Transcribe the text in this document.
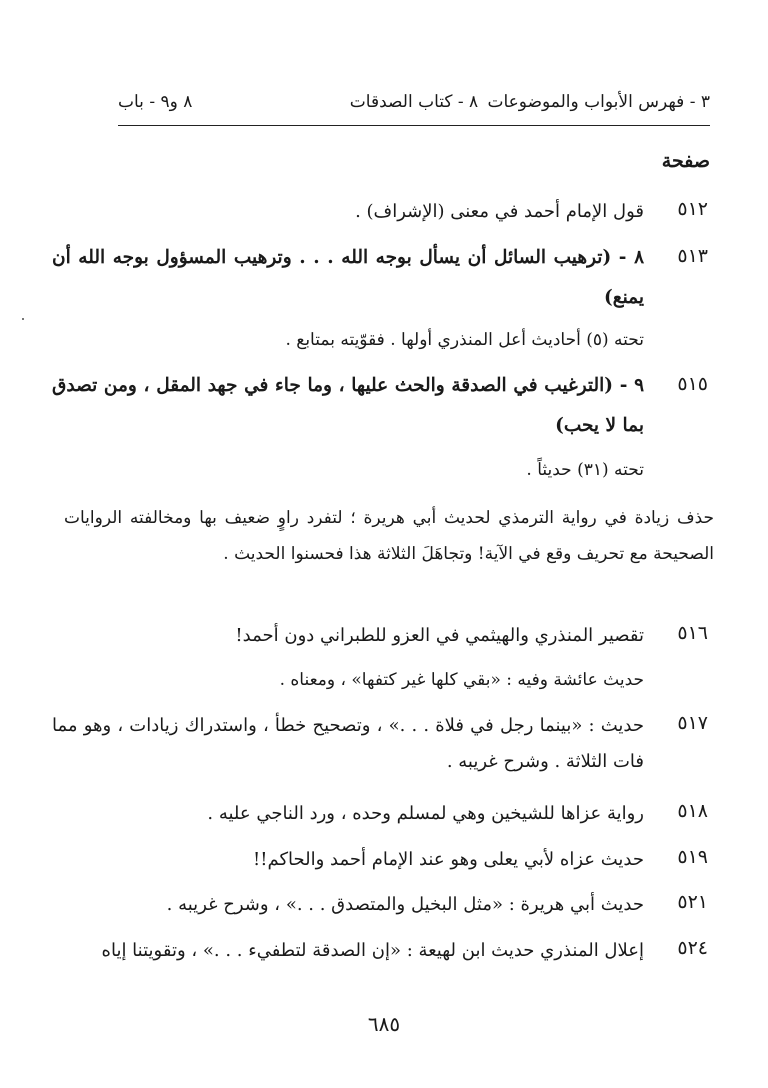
٣ - فهرس الأبواب والموضوعات
٨ - كتاب الصدقات
٨ و٩ - باب
صفحة
٥١٢
قول الإمام أحمد في معنى (الإشراف) .
٥١٣
٨ - (ترهيب السائل أن يسأل بوجه الله . . . وترهيب المسؤول بوجه الله أن يمنع)
تحته (٥) أحاديث أعل المنذري أولها . فقوّيته بمتابع .
٥١٥
٩ - (الترغيب في الصدقة والحث عليها ، وما جاء في جهد المقل ، ومن تصدق بما لا يحب)
تحته (٣١) حديثاً .
حذف زيادة في رواية الترمذي لحديث أبي هريرة ؛ لتفرد راوٍ ضعيف بها ومخالفته الروايات الصحيحة مع تحريف وقع في الآية! وتجاهَلَ الثلاثة هذا فحسنوا الحديث .
٥١٦
تقصير المنذري والهيثمي في العزو للطبراني دون أحمد!
حديث عائشة وفيه : «بقي كلها غير كتفها» ، ومعناه .
٥١٧
حديث : «بينما رجل في فلاة . . .» ، وتصحيح خطأ ، واستدراك زيادات ، وهو مما فات الثلاثة . وشرح غريبه .
٥١٨
رواية عزاها للشيخين وهي لمسلم وحده ، ورد الناجي عليه .
٥١٩
حديث عزاه لأبي يعلى وهو عند الإمام أحمد والحاكم!!
٥٢١
حديث أبي هريرة : «مثل البخيل والمتصدق . . .» ، وشرح غريبه .
٥٢٤
إعلال المنذري حديث ابن لهيعة : «إن الصدقة لتطفيء . . .» ، وتقويتنا إياه
٦٨٥
